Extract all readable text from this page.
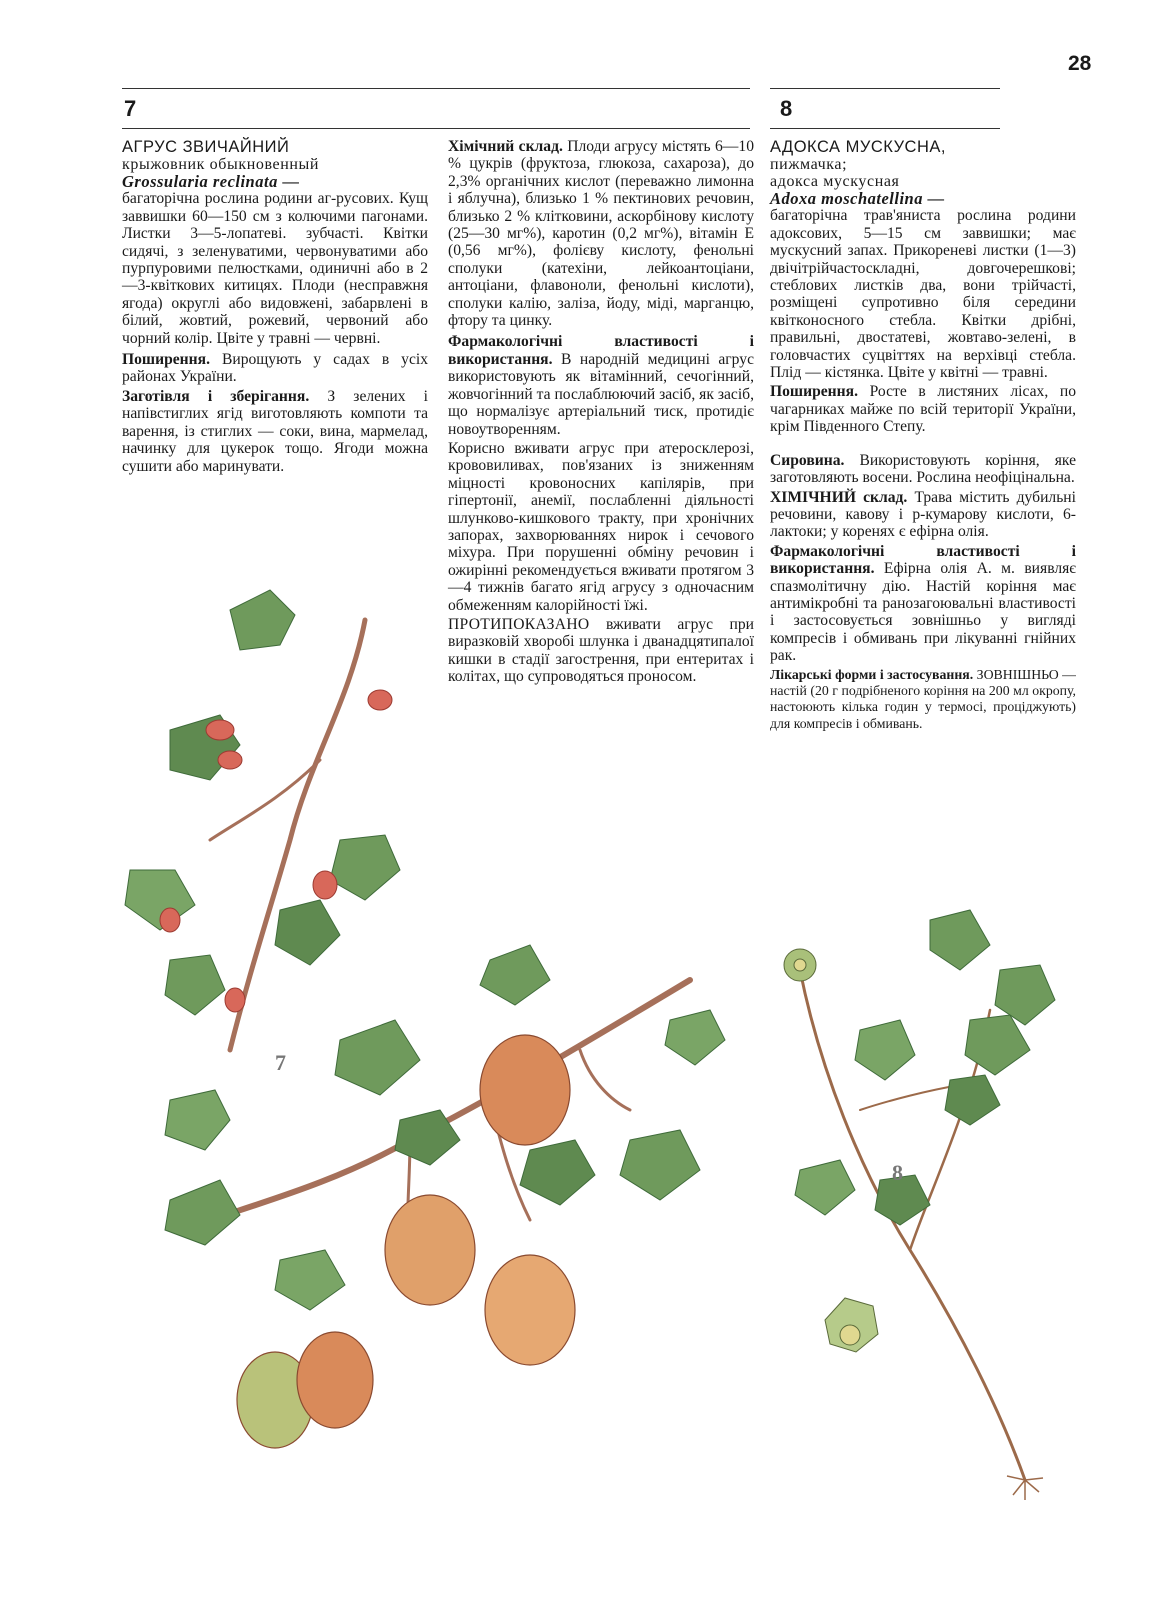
28
7	8
АГРУС ЗВИЧАЙНИЙ
крыжовник обыкновенный
Grossularia reclinata —

багаторічна рослина родини аг-русових. Кущ заввишки 60—150 см з колючими пагонами. Листки 3—5-лопатеві. зубчасті. Квітки сидячі, з зеленуватими, червонуватими або пурпуровими пелюстками, одиничні або в 2—3-квіткових китицях. Плоди (несправжня ягода) округлі або видовжені, забарвлені в білий, жовтий, рожевий, червоний або чорний колір. Цвіте у травні — червні.

Поширення. Вирощують у садах в усіх районах України.

Заготівля і зберігання. З зелених і напівстиглих ягід виготовляють компоти та варення, із стиглих — соки, вина, мармелад, начинку для цукерок тощо. Ягоди можна сушити або маринувати.

Хімічний склад. Плоди агрусу містять 6—10 % цукрів (фруктоза, глюкоза, сахароза), до 2,3% органічних кислот (переважно лимонна і яблучна), близько 1 % пектинових речовин, близько 2 % клітковини, аскорбінову кислоту (25—30 мг%), каротин (0,2 мг%), вітамін Е (0,56 мг%), фолієву кислоту, фенольні сполуки (катехіни, лейкоантоціани, антоціани, флавоноли, фенольні кислоти), сполуки калію, заліза, йоду, міді, марганцю, фтору та цинку.

Фармакологічні властивості і використання. В народній медицині агрус використовують як вітамінний, сечогінний, жовчогінний та послаблюючий засіб, як засіб, що нормалізує артеріальний тиск, протидіє новоутворенням.

Корисно вживати агрус при атеросклерозі, крововиливах, пов'язаних із зниженням міцності кровоносних капілярів, при гіпертонії, анемії, послабленні діяльності шлунково-кишкового тракту, при хронічних запорах, захворюваннях нирок і сечового міхура. При порушенні обміну речовин і ожирінні рекомендується вживати протягом 3—4 тижнів багато ягід агрусу з одночасним обмеженням калорійності їжі.

ПРОТИПОКАЗАНО вживати агрус при виразковій хворобі шлунка і дванадцятипалої кишки в стадії загострення, при ентеритах і колітах, що супроводяться проносом.

АДОКСА МУСКУСНА,
пижмачка;
адокса мускусная
Adoxa moschatellina —

багаторічна трав'яниста рослина родини адоксових, 5—15 см заввишки; має мускусний запах. Прикореневі листки (1—3) двічітрійчастоскладні, довгочерешкові; стеблових листків два, вони трійчасті, розміщені супротивно біля середини квітконосного стебла. Квітки дрібні, правильні, двостатеві, жовтаво-зелені, в головчастих суцвіттях на верхівці стебла. Плід — кістянка. Цвіте у квітні — травні.

Поширення. Росте в листяних лісах, по чагарниках майже по всій території України, крім Південного Степу.

Сировина. Використовують коріння, яке заготовляють восени. Рослина неофіцінальна.

ХІМІЧНИЙ склад. Трава містить дубильні речовини, кавову і р-кумарову кислоти, 6-лактоки; у коренях є ефірна олія.

Фармакологічні властивості і використання. Ефірна олія А. м. виявляє спазмолітичну дію. Настій коріння має антимікробні та ранозагоювальні властивості і застосовується зовнішньо у вигляді компресів і обмивань при лікуванні гнійних рак.

Лікарські форми і застосування. ЗОВНІШНЬО — настій (20 г подрібненого коріння на 200 мл окропу, настоюють кілька годин у термосі, проціджують) для компресів і обмивань.

7
8
